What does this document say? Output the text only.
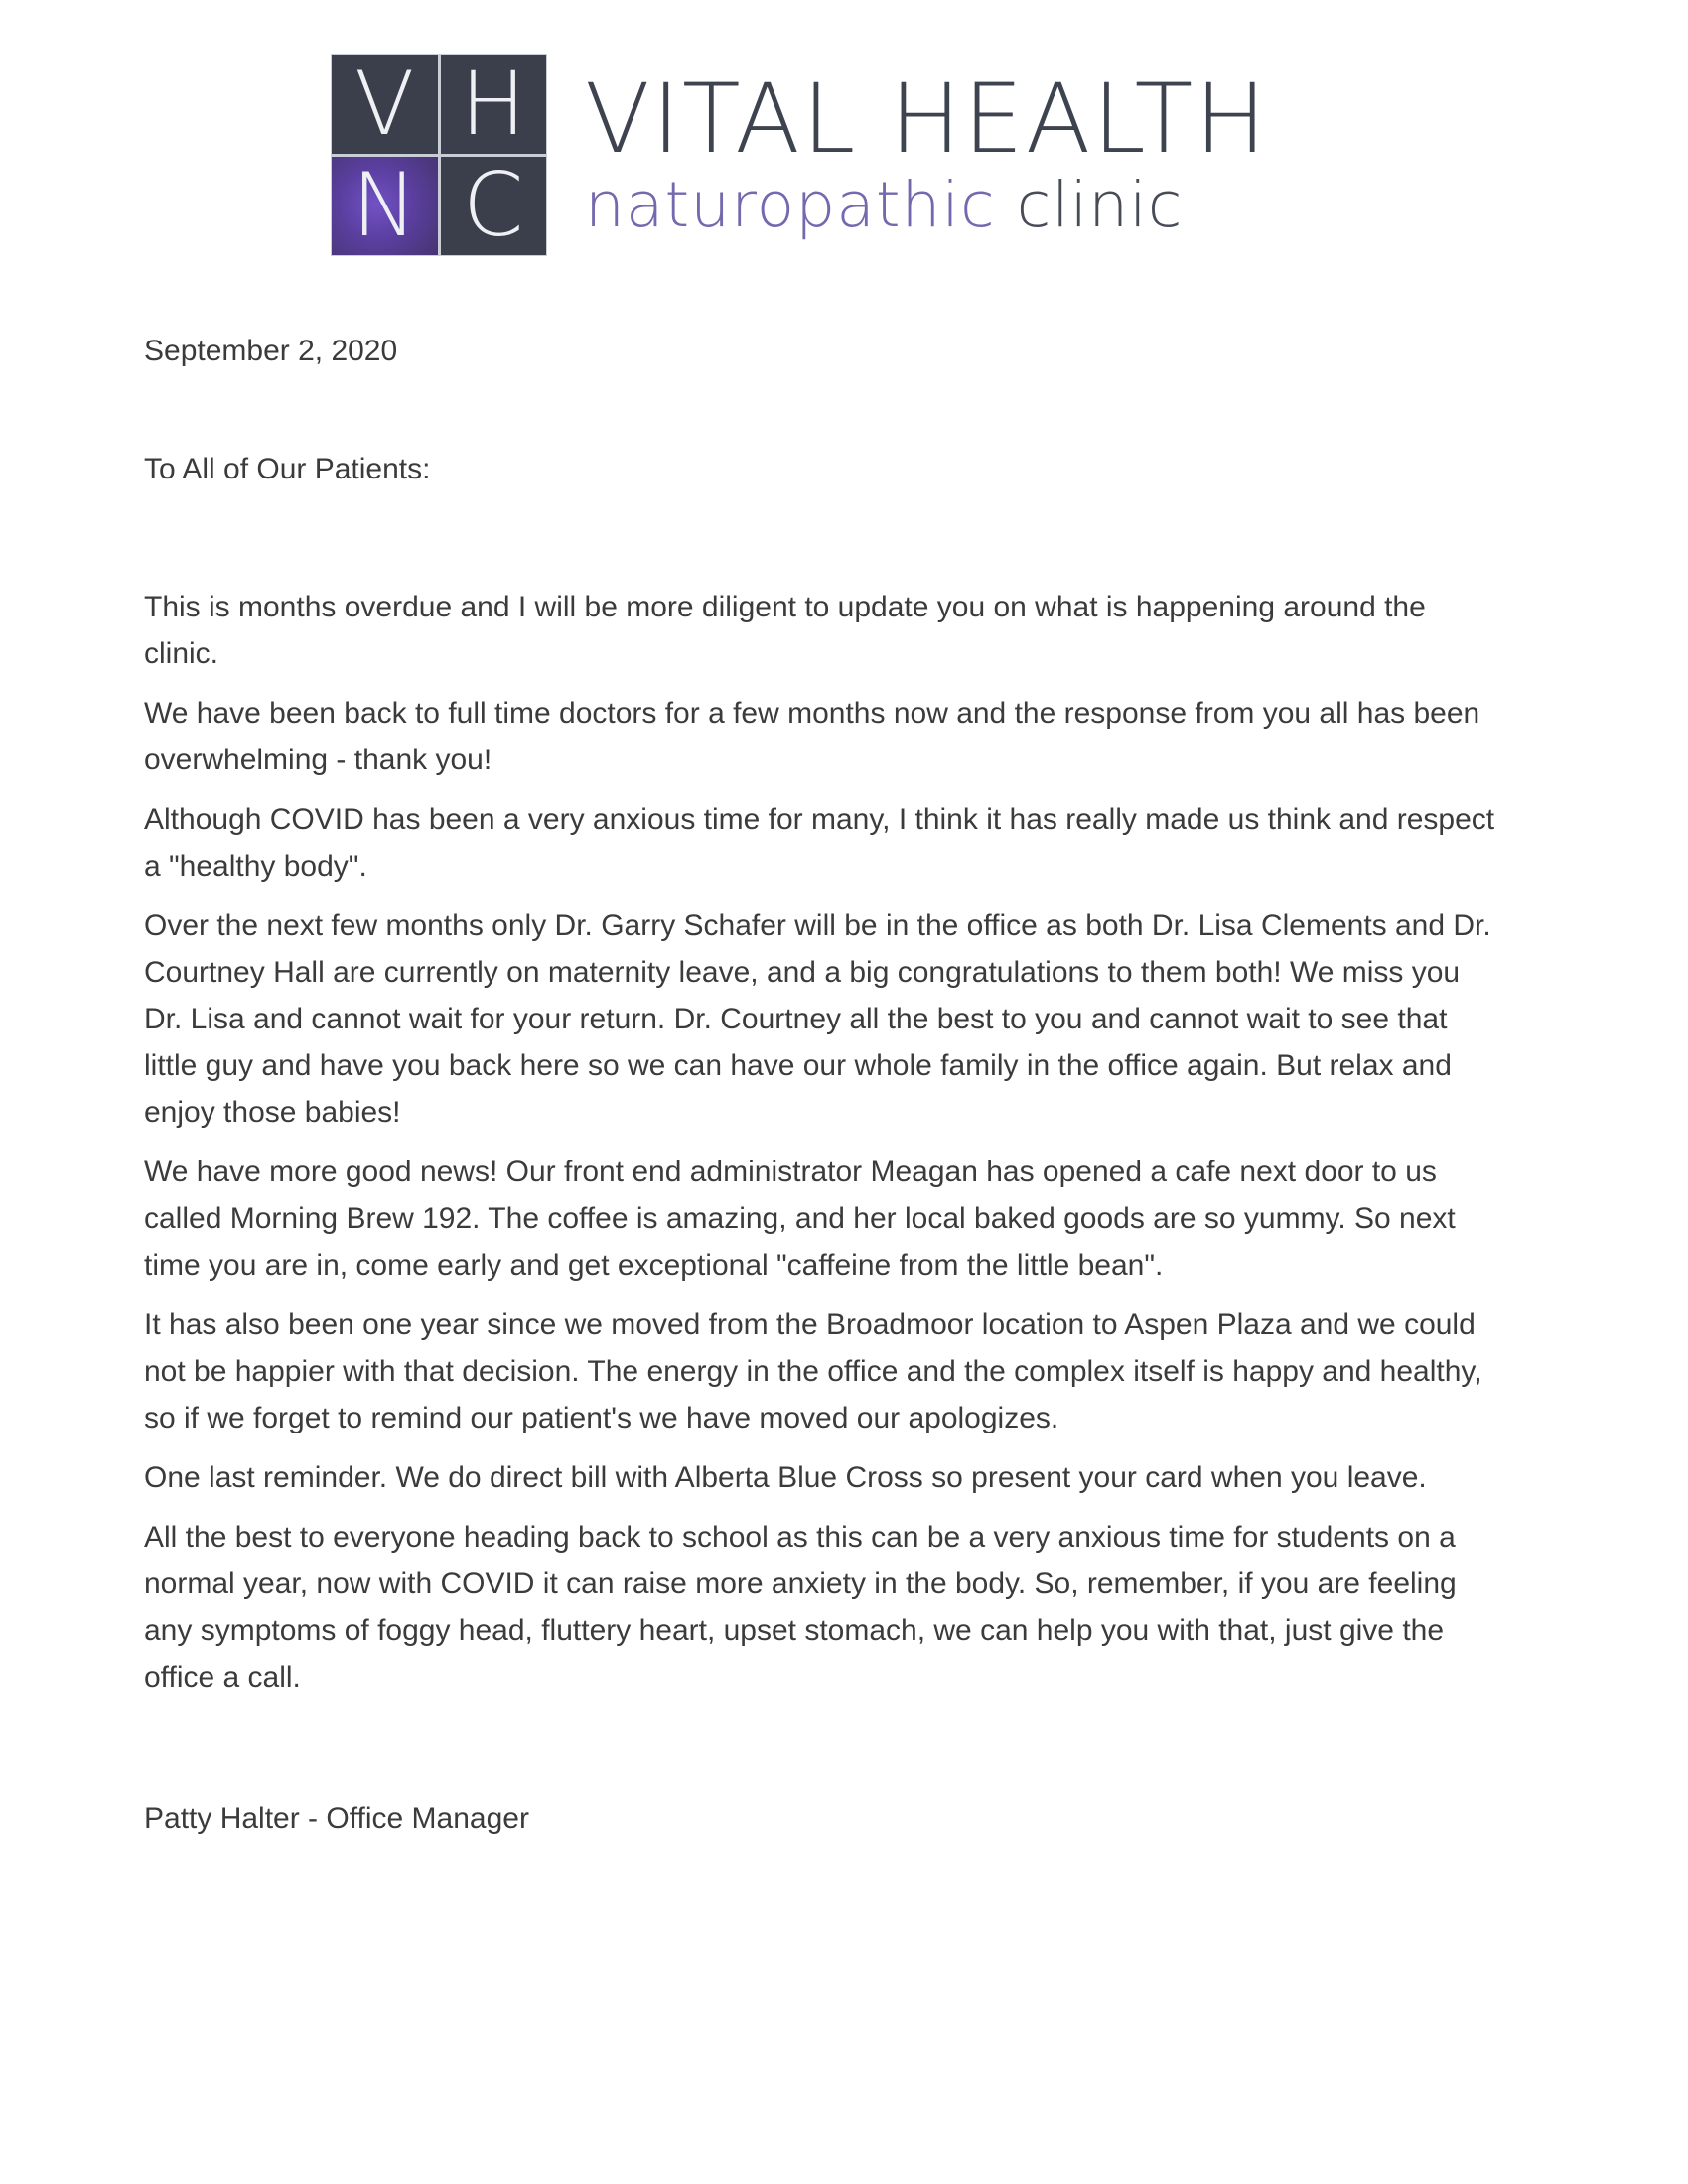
V H
N C
VITAL HEALTH
naturopathic clinic
September 2, 2020
To All of Our Patients:

This is months overdue and I will be more diligent to update you on what is happening around the clinic.

We have been back to full time doctors for a few months now and the response from you all has been overwhelming - thank you!

Although COVID has been a very anxious time for many, I think it has really made us think and respect a "healthy body".

Over the next few months only Dr. Garry Schafer will be in the office as both Dr. Lisa Clements and Dr. Courtney Hall are currently on maternity leave, and a big congratulations to them both! We miss you Dr. Lisa and cannot wait for your return. Dr. Courtney all the best to you and cannot wait to see that little guy and have you back here so we can have our whole family in the office again. But relax and enjoy those babies!

We have more good news! Our front end administrator Meagan has opened a cafe next door to us called Morning Brew 192. The coffee is amazing, and her local baked goods are so yummy. So next time you are in, come early and get exceptional "caffeine from the little bean".

It has also been one year since we moved from the Broadmoor location to Aspen Plaza and we could not be happier with that decision. The energy in the office and the complex itself is happy and healthy, so if we forget to remind our patient's we have moved our apologizes.

One last reminder. We do direct bill with Alberta Blue Cross so present your card when you leave.

All the best to everyone heading back to school as this can be a very anxious time for students on a normal year, now with COVID it can raise more anxiety in the body. So, remember, if you are feeling any symptoms of foggy head, fluttery heart, upset stomach, we can help you with that, just give the office a call.

Patty Halter - Office Manager
